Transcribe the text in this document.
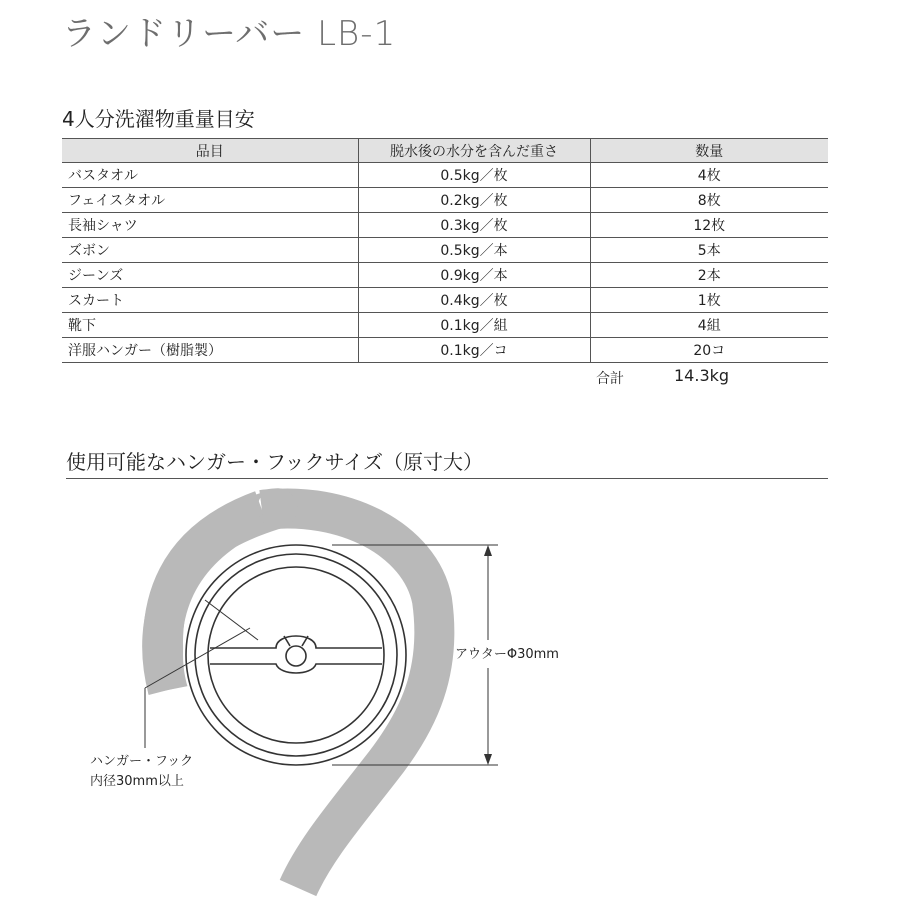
ランドリーバー LB-1
4人分洗濯物重量目安
品目	脱水後の水分を含んだ重さ	数量
バスタオル	0.5kg／枚	4枚
フェイスタオル	0.2kg／枚	8枚
長袖シャツ	0.3kg／枚	12枚
ズボン	0.5kg／本	5本
ジーンズ	0.9kg／本	2本
スカート	0.4kg／枚	1枚
靴下	0.1kg／組	4組
洋服ハンガー（樹脂製）	0.1kg／コ	20コ
合計	14.3kg
使用可能なハンガー・フックサイズ（原寸大）
アウターΦ30mm
ハンガー・フック
内径30mm以上
